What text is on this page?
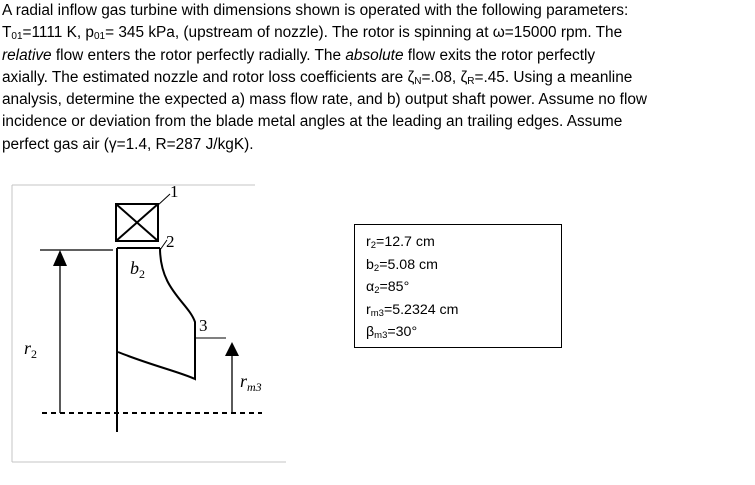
A radial inflow gas turbine with dimensions shown is operated with the following parameters:

$T_{01}=1111$ K, $p_{01}= 345$ kPa, (upstream of nozzle). The rotor is spinning at ω=15000 rpm. The

relative flow enters the rotor perfectly radially. The absolute flow exits the rotor perfectly

axially. The estimated nozzle and rotor loss coefficients are $\zeta_N=.08$, $\zeta_R=.45$. Using a meanline

analysis, determine the expected a) mass flow rate, and b) output shaft power. Assume no flow

incidence or deviation from the blade metal angles at the leading an trailing edges. Assume

perfect gas air (γ=1.4, R=287 J/kgK).

1
2
3
$b_2$
$r_2$
$r_{m3}$
$r_2=12.7$ cm
$b_2=5.08$ cm
$\alpha_2=85^\circ$
$r_{m3}=5.2324$ cm
$\beta_{m3}=30^\circ$
